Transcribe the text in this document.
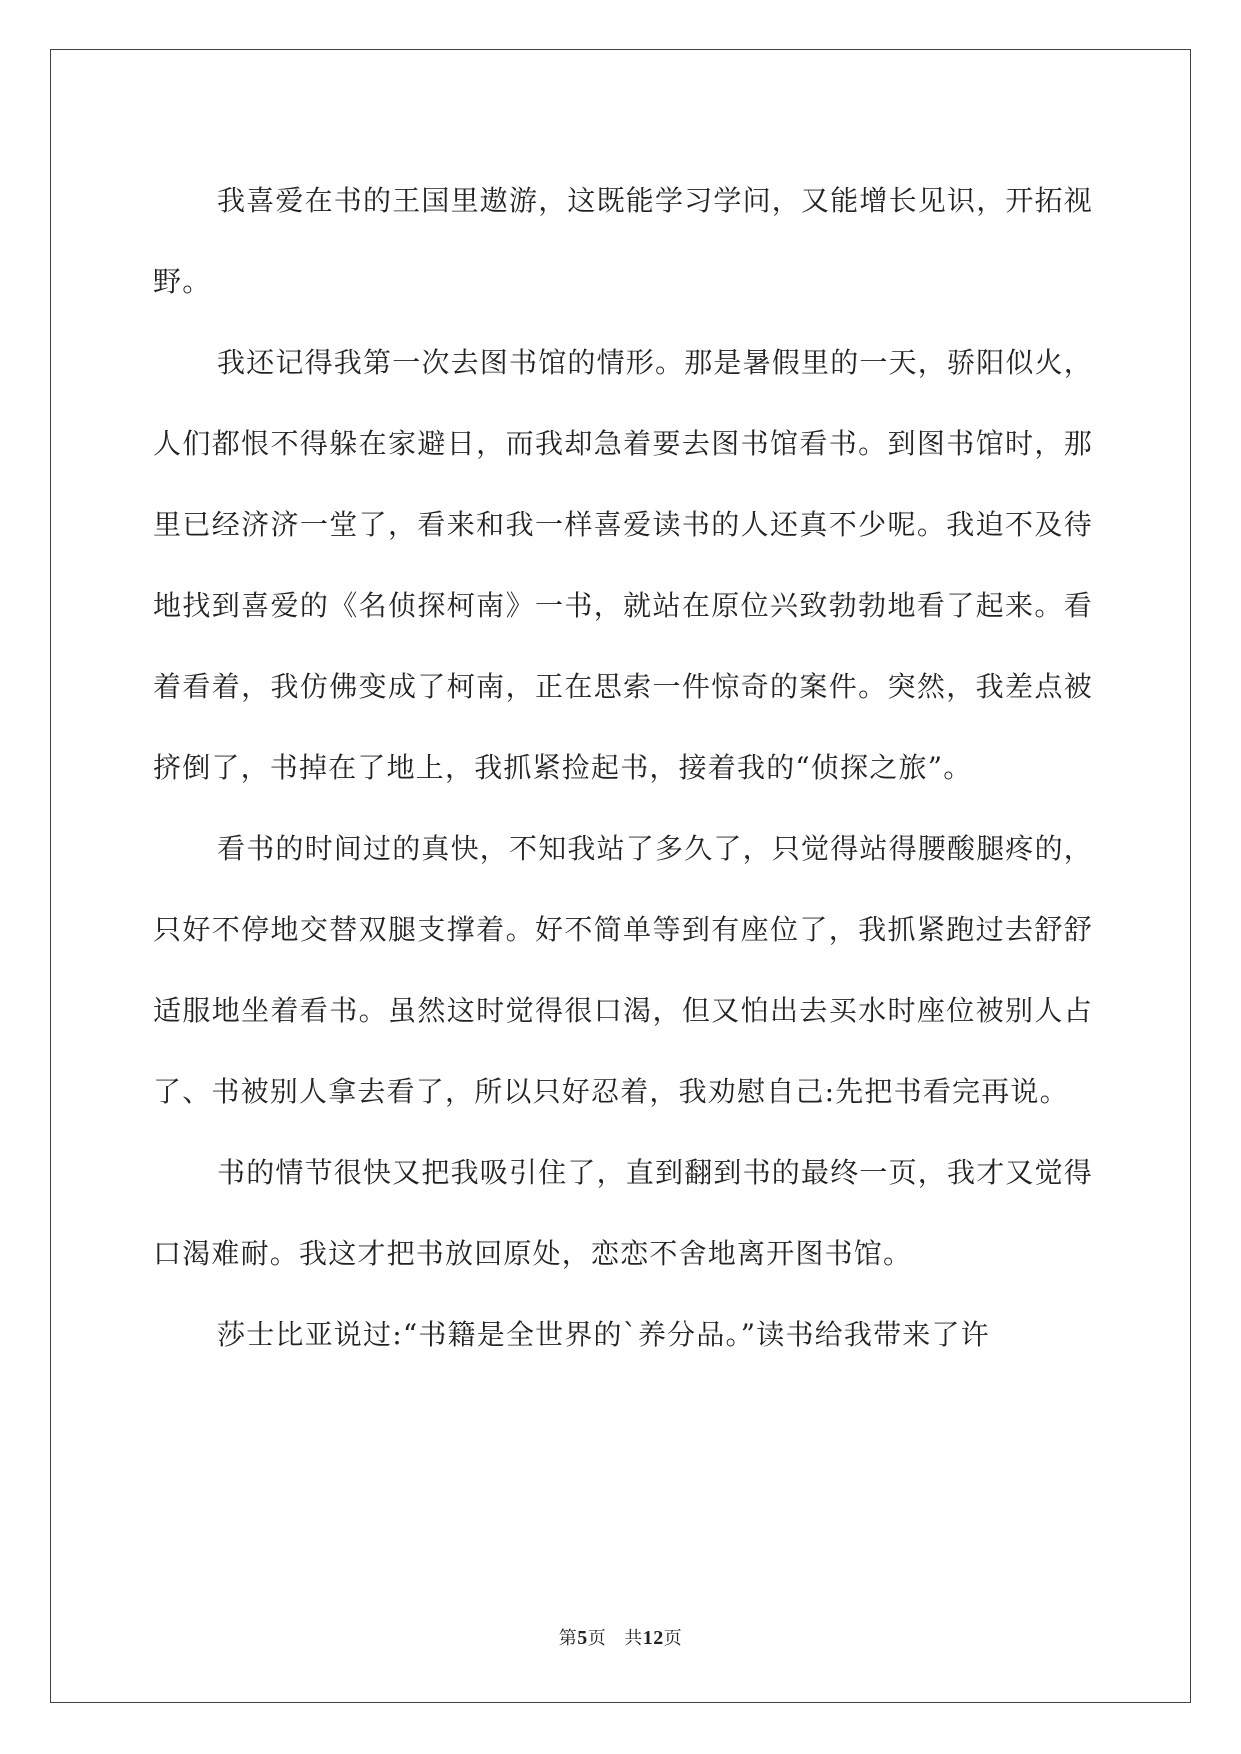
我喜爱在书的王国里遨游，这既能学习学问，又能增长见识，开拓视野。

我还记得我第一次去图书馆的情形。那是暑假里的一天，骄阳似火，人们都恨不得躲在家避日，而我却急着要去图书馆看书。到图书馆时，那里已经济济一堂了，看来和我一样喜爱读书的人还真不少呢。我迫不及待地找到喜爱的《名侦探柯南》一书，就站在原位兴致勃勃地看了起来。看着看着，我仿佛变成了柯南，正在思索一件惊奇的案件。突然，我差点被挤倒了，书掉在了地上，我抓紧捡起书，接着我的“侦探之旅”。

看书的时间过的真快，不知我站了多久了，只觉得站得腰酸腿疼的，只好不停地交替双腿支撑着。好不简单等到有座位了，我抓紧跑过去舒舒适服地坐着看书。虽然这时觉得很口渴，但又怕出去买水时座位被别人占了、书被别人拿去看了，所以只好忍着，我劝慰自己:先把书看完再说。

书的情节很快又把我吸引住了，直到翻到书的最终一页，我才又觉得口渴难耐。我这才把书放回原处，恋恋不舍地离开图书馆。

莎士比亚说过:“书籍是全世界的`养分品。”读书给我带来了许

第5页 共12页
